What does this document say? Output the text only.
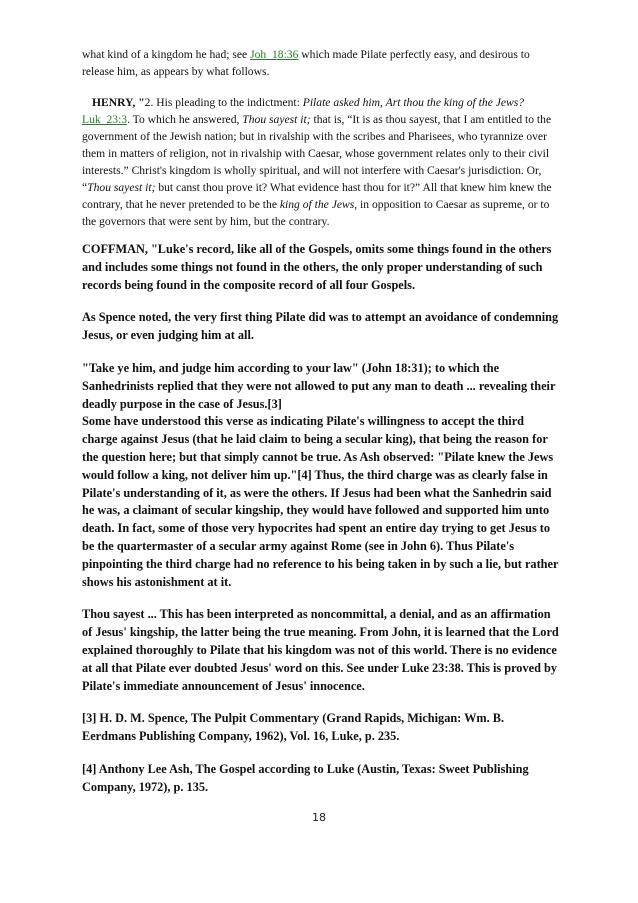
what kind of a kingdom he had; see Joh_18:36 which made Pilate perfectly easy, and desirous to release him, as appears by what follows.

HENRY, "2. His pleading to the indictment: Pilate asked him, Art thou the king of the Jews? Luk_23:3. To which he answered, Thou sayest it; that is, “It is as thou sayest, that I am entitled to the government of the Jewish nation; but in rivalship with the scribes and Pharisees, who tyrannize over them in matters of religion, not in rivalship with Caesar, whose government relates only to their civil interests.” Christ's kingdom is wholly spiritual, and will not interfere with Caesar's jurisdiction. Or, “Thou sayest it; but canst thou prove it? What evidence hast thou for it?” All that knew him knew the contrary, that he never pretended to be the king of the Jews, in opposition to Caesar as supreme, or to the governors that were sent by him, but the contrary.

COFFMAN, "Luke's record, like all of the Gospels, omits some things found in the others and includes some things not found in the others, the only proper understanding of such records being found in the composite record of all four Gospels.

As Spence noted, the very first thing Pilate did was to attempt an avoidance of condemning Jesus, or even judging him at all.

"Take ye him, and judge him according to your law" (John 18:31); to which the Sanhedrinists replied that they were not allowed to put any man to death ... revealing their deadly purpose in the case of Jesus.[3]

Some have understood this verse as indicating Pilate's willingness to accept the third charge against Jesus (that he laid claim to being a secular king), that being the reason for the question here; but that simply cannot be true. As Ash observed: "Pilate knew the Jews would follow a king, not deliver him up."[4] Thus, the third charge was as clearly false in Pilate's understanding of it, as were the others. If Jesus had been what the Sanhedrin said he was, a claimant of secular kingship, they would have followed and supported him unto death. In fact, some of those very hypocrites had spent an entire day trying to get Jesus to be the quartermaster of a secular army against Rome (see in John 6). Thus Pilate's pinpointing the third charge had no reference to his being taken in by such a lie, but rather shows his astonishment at it.

Thou sayest ... This has been interpreted as noncommittal, a denial, and as an affirmation of Jesus' kingship, the latter being the true meaning. From John, it is learned that the Lord explained thoroughly to Pilate that his kingdom was not of this world. There is no evidence at all that Pilate ever doubted Jesus' word on this. See under Luke 23:38. This is proved by Pilate's immediate announcement of Jesus' innocence.

[3] H. D. M. Spence, The Pulpit Commentary (Grand Rapids, Michigan: Wm. B. Eerdmans Publishing Company, 1962), Vol. 16, Luke, p. 235.

[4] Anthony Lee Ash, The Gospel according to Luke (Austin, Texas: Sweet Publishing Company, 1972), p. 135.

18
